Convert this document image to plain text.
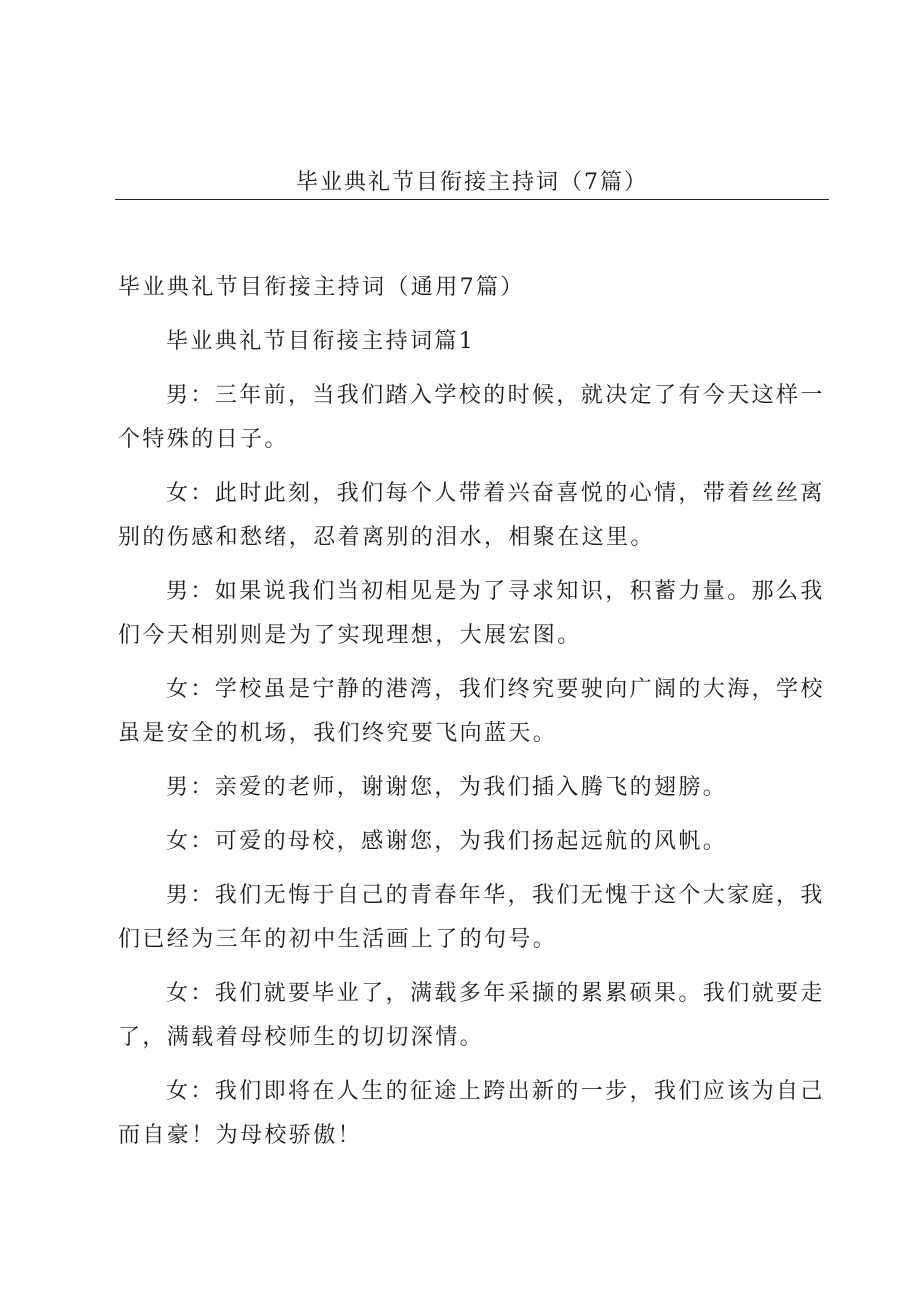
毕业典礼节目衔接主持词（7篇）

毕业典礼节目衔接主持词（通用7篇）

毕业典礼节目衔接主持词篇1

男：三年前，当我们踏入学校的时候，就决定了有今天这样一个特殊的日子。

女：此时此刻，我们每个人带着兴奋喜悦的心情，带着丝丝离别的伤感和愁绪，忍着离别的泪水，相聚在这里。

男：如果说我们当初相见是为了寻求知识，积蓄力量。那么我们今天相别则是为了实现理想，大展宏图。

女：学校虽是宁静的港湾，我们终究要驶向广阔的大海，学校虽是安全的机场，我们终究要飞向蓝天。

男：亲爱的老师，谢谢您，为我们插入腾飞的翅膀。

女：可爱的母校，感谢您，为我们扬起远航的风帆。

男：我们无悔于自己的青春年华，我们无愧于这个大家庭，我们已经为三年的初中生活画上了的句号。

女：我们就要毕业了，满载多年采撷的累累硕果。我们就要走了，满载着母校师生的切切深情。

女：我们即将在人生的征途上跨出新的一步，我们应该为自己而自豪！为母校骄傲！
